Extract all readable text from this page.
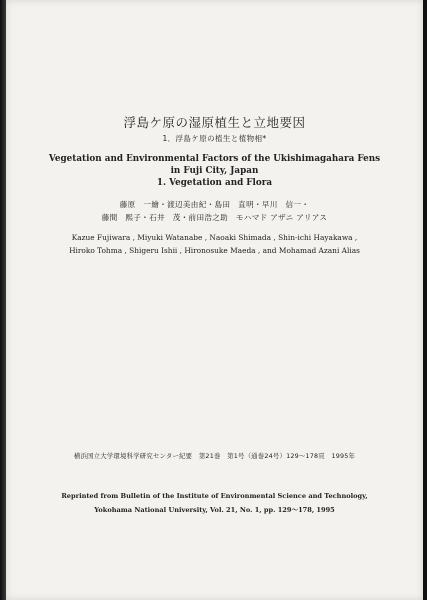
浮島ケ原の湿原植生と立地要因
1．浮島ケ原の植生と植物相*
Vegetation and Environmental Factors of the Ukishimagahara Fens
in Fuji City, Japan
1. Vegetation and Flora
藤原　一繪・渡辺美由紀・島田　直明・早川　信一・
藤間　熙子・石井　茂・前田浩之助　モハマド アザニ アリアス
Kazue Fujiwara , Miyuki Watanabe , Naoaki Shimada , Shin-ichi Hayakawa ,
Hiroko Tohma , Shigeru Ishii , Hironosuke Maeda , and Mohamad Azani Alias
横浜国立大学環境科学研究センター紀要　第21巻　第1号（通巻24号）129〜178頁　1995年
Reprinted from Bulletin of the Institute of Environmental Science and Technology,
Yokohama National University, Vol. 21, No. 1, pp. 129〜178, 1995
